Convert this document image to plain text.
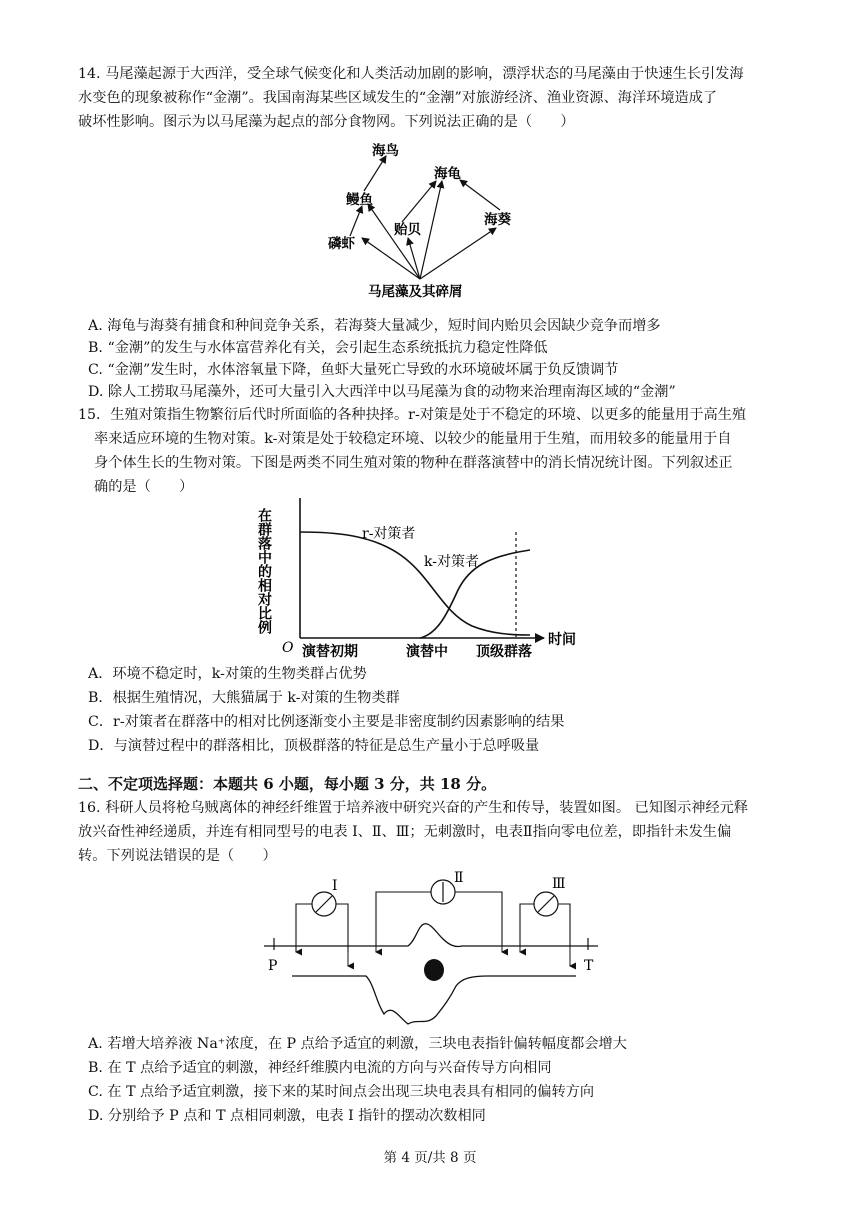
14. 马尾藻起源于大西洋，受全球气候变化和人类活动加剧的影响，漂浮状态的马尾藻由于快速生长引发海
水变色的现象被称作“金潮”。我国南海某些区域发生的“金潮”对旅游经济、渔业资源、海洋环境造成了
破坏性影响。图示为以马尾藻为起点的部分食物网。下列说法正确的是（　　）
海鸟
鳗鱼
海龟
贻贝
海葵
磷虾
马尾藻及其碎屑
A. 海龟与海葵有捕食和种间竞争关系，若海葵大量减少，短时间内贻贝会因缺少竞争而增多
B. “金潮”的发生与水体富营养化有关，会引起生态系统抵抗力稳定性降低
C. “金潮”发生时，水体溶氧量下降，鱼虾大量死亡导致的水环境破坏属于负反馈调节
D. 除人工捞取马尾藻外，还可大量引入大西洋中以马尾藻为食的动物来治理南海区域的“金潮”
15．生殖对策指生物繁衍后代时所面临的各种抉择。r-对策是处于不稳定的环境、以更多的能量用于高生殖
率来适应环境的生物对策。k-对策是处于较稳定环境、以较少的能量用于生殖，而用较多的能量用于自
身个体生长的生物对策。下图是两类不同生殖对策的物种在群落演替中的消长情况统计图。下列叙述正
确的是（　　）
在群落中的相对比例
O	时间
r-对策者
k-对策者
演替初期	演替中 顶级群落
A．环境不稳定时，k-对策的生物类群占优势
B．根据生殖情况，大熊猫属于 k-对策的生物类群
C．r-对策者在群落中的相对比例逐渐变小主要是非密度制约因素影响的结果
D．与演替过程中的群落相比，顶极群落的特征是总生产量小于总呼吸量
二、不定项选择题：本题共 6 小题，每小题 3 分，共 18 分。
16. 科研人员将枪乌贼离体的神经纤维置于培养液中研究兴奋的产生和传导，装置如图。 已知图示神经元释
放兴奋性神经递质，并连有相同型号的电表 I、Ⅱ、Ⅲ；无刺激时，电表Ⅱ指向零电位差，即指针未发生偏
转。下列说法错误的是（　　）
I	Ⅱ	Ⅲ
P	T
A. 若增大培养液 Na⁺浓度，在 P 点给予适宜的刺激，三块电表指针偏转幅度都会增大
B. 在 T 点给予适宜的刺激，神经纤维膜内电流的方向与兴奋传导方向相同
C. 在 T 点给予适宜刺激，接下来的某时间点会出现三块电表具有相同的偏转方向
D. 分别给予 P 点和 T 点相同刺激，电表 I 指针的摆动次数相同
第 4 页/共 8 页
